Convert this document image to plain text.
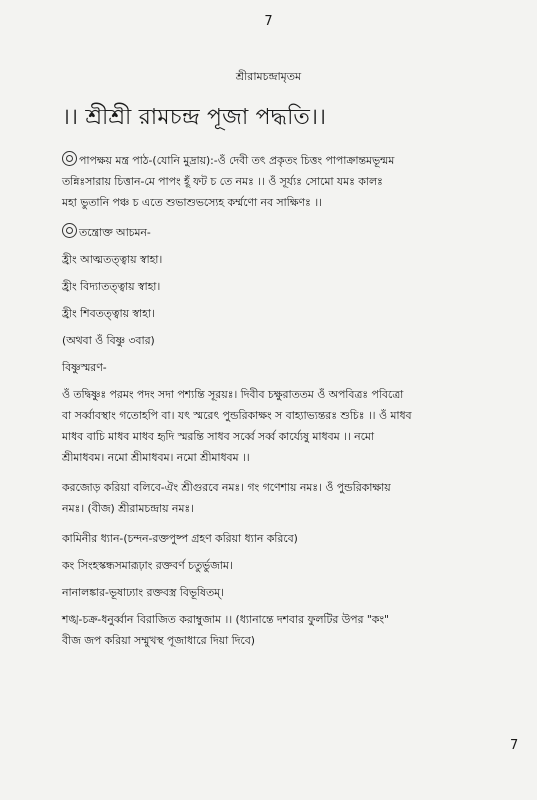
7
শ্রীরামচন্দ্রামৃতম
।। শ্রীশ্রী রামচন্দ্র পূজা পদ্ধতি।।
পাপক্ষয় মন্ত্র পাঠ-(যোনি মুদ্রায়):-ওঁ দেবী তৎ প্রকৃতং চিত্তং পাপাক্রান্তমভূন্মম
তন্নিঃসারায় চিত্তান-মে পাপং হূঁ ফট চ তে নমঃ ।। ওঁ সূর্য্যঃ সোমো যমঃ কালঃ
মহা ভুতানি পঞ্চ চ এতে শুভাশুভস্যেহ কর্ম্মণো নব সাক্ষিণঃ ।।
তন্ত্রোক্ত আচমন-
হ্রীং আত্মতত্ত্বায় স্বাহা।
হ্রীং বিদ্যাতত্ত্বায় স্বাহা।
হ্রীং শিবতত্ত্বায় স্বাহা।
(অথবা ওঁ বিষ্ণু ৩বার)
বিষ্ণুস্মরণ-
ওঁ তদ্বিষ্ণুঃ পরমং পদং সদা পশ্যন্তি সূরয়ঃ। দিবীব চক্ষুরাততম ওঁ অপবিত্রঃ পবিত্রো
বা সর্ব্বাবস্থাং গতোহপি বা। যৎ স্মরেৎ পুন্ডরিকাক্ষং স বাহ্যাভ্যন্তরঃ শুচিঃ ।। ওঁ মাধব
মাধব বাচি মাধব মাধব হৃদি স্মরন্তি সাধব সর্ব্বে সর্ব্ব কার্য্যেষু মাধবম ।। নমো
শ্রীমাধবম। নমো শ্রীমাধবম। নমো শ্রীমাধবম ।।
করজোড় করিয়া বলিবে-ঐং শ্রীগুরবে নমঃ। গং গণেশায় নমঃ। ওঁ পুন্ডরিকাক্ষায়
নমঃ। (বীজ) শ্রীরামচন্দ্রায় নমঃ।
কামিনীর ধ্যান-(চন্দন-রক্তপুষ্প গ্রহণ করিয়া ধ্যান করিবে)
কং সিংহস্কন্ধসমারূঢ়াং রক্তবর্ণ চতুর্ভুজাম।
নানালঙ্কার-ভূষাঢ্যাং রক্তবস্ত্র বিভূষিতম্।
শঙ্খ-চক্র-ধনুর্ব্বান বিরাজিত করাম্বুজাম ।। (ধ্যানান্তে দশবার ফুলটির উপর "কং"
বীজ জপ করিয়া সম্মুখস্থ পূজাধারে দিয়া দিবে)
7
